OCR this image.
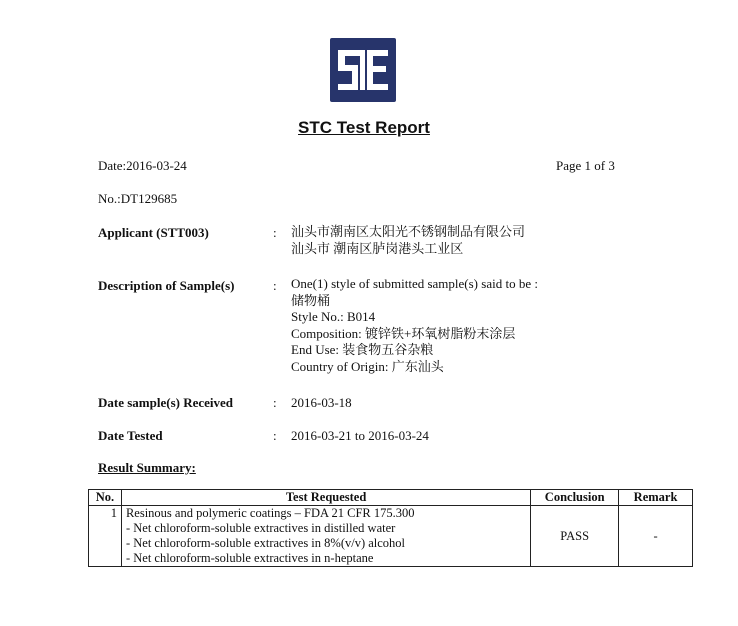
STC Test Report
Date:2016-03-24	Page 1 of 3
No.:DT129685
Applicant (STT003)	: 汕头市潮南区太阳光不锈钢制品有限公司
汕头市 潮南区胪岗港头工业区
Description of Sample(s)	: One(1) style of submitted sample(s) said to be :
储物桶
Style No.: B014
Composition: 镀锌铁+环氧树脂粉末涂层
End Use: 装食物五谷杂粮
Country of Origin: 广东汕头
Date sample(s) Received	: 2016-03-18
Date Tested	: 2016-03-21 to 2016-03-24
Result Summary:
No.	Test Requested	Conclusion	Remark
1	Resinous and polymeric coatings – FDA 21 CFR 175.300
- Net chloroform-soluble extractives in distilled water
- Net chloroform-soluble extractives in 8%(v/v) alcohol
- Net chloroform-soluble extractives in n-heptane	PASS	-
